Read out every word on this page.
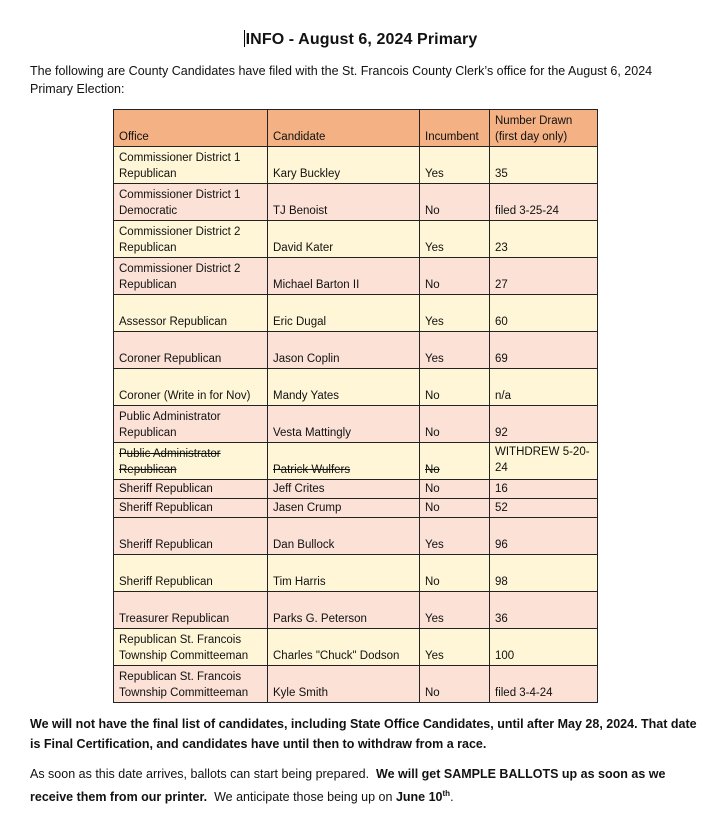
INFO - August 6, 2024 Primary
The following are County Candidates have filed with the St. Francois County Clerk’s office for the August 6, 2024 Primary Election:
Office	Candidate	Incumbent	Number Drawn
(first day only)
Commissioner District 1 Republican	Kary Buckley	Yes	35
Commissioner District 1 Democratic	TJ Benoist	No	filed 3-25-24
Commissioner District 2 Republican	David Kater	Yes	23
Commissioner District 2 Republican	Michael Barton II	No	27
Assessor Republican	Eric Dugal	Yes	60
Coroner Republican	Jason Coplin	Yes	69
Coroner (Write in for Nov)	Mandy Yates	No	n/a
Public Administrator Republican	Vesta Mattingly	No	92
Public Administrator Republican	Patrick Wulfers	No	WITHDREW 5-20-24
Sheriff Republican	Jeff Crites	No	16
Sheriff Republican	Jasen Crump	No	52
Sheriff Republican	Dan Bullock	Yes	96
Sheriff Republican	Tim Harris	No	98
Treasurer Republican	Parks G. Peterson	Yes	36
Republican St. Francois Township Committeeman	Charles "Chuck" Dodson	Yes	100
Republican St. Francois Township Committeeman	Kyle Smith	No	filed 3-4-24
We will not have the final list of candidates, including State Office Candidates, until after May 28, 2024. That date is Final Certification, and candidates have until then to withdraw from a race.
As soon as this date arrives, ballots can start being prepared. We will get SAMPLE BALLOTS up as soon as we receive them from our printer. We anticipate those being up on June 10th.
